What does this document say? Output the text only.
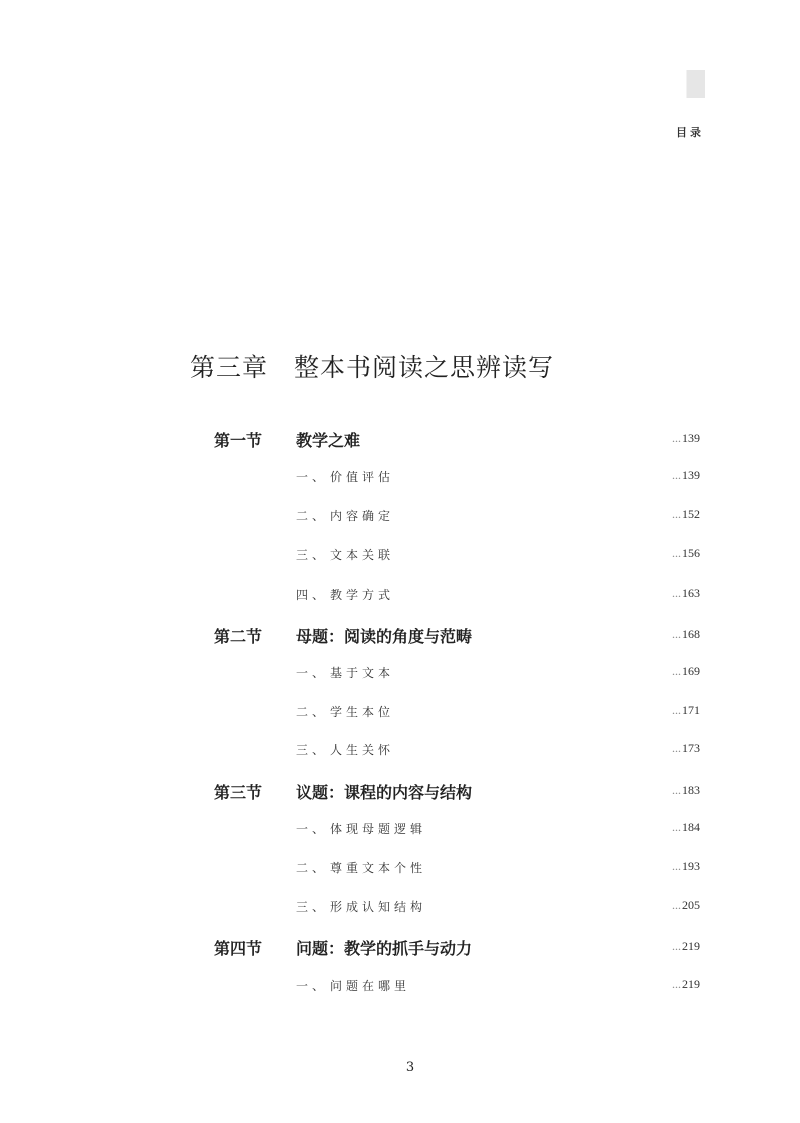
目录
第三章 整本书阅读之思辨读写
第一节 教学之难	...139
一、 价值评估	...139
二、 内容确定	...152
三、 文本关联	...156
四、 教学方式	...163
第二节 母题：阅读的角度与范畴	...168
一、 基于文本	...169
二、 学生本位	...171
三、 人生关怀	...173
第三节 议题：课程的内容与结构	...183
一、 体现母题逻辑	...184
二、 尊重文本个性	...193
三、 形成认知结构	...205
第四节 问题：教学的抓手与动力	...219
一、 问题在哪里	...219
3
